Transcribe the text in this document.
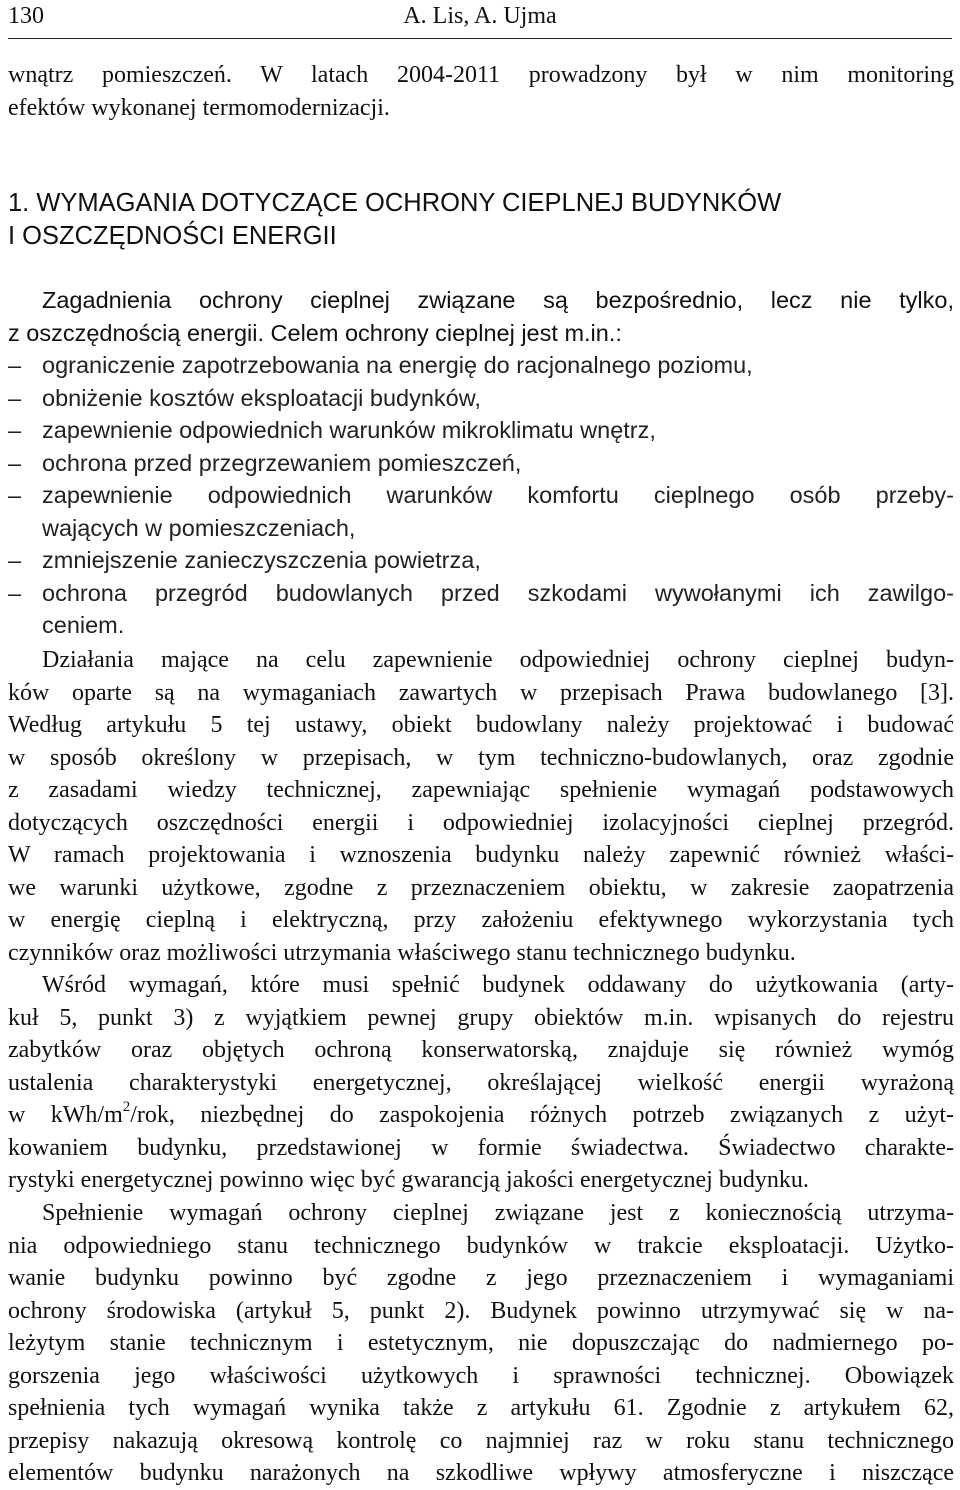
130	A. Lis, A. Ujma
wnątrz pomieszczeń. W latach 2004-2011 prowadzony był w nim monitoring
efektów wykonanej termomodernizacji.
1. WYMAGANIA DOTYCZĄCE OCHRONY CIEPLNEJ BUDYNKÓW
I OSZCZĘDNOŚCI ENERGII
Zagadnienia ochrony cieplnej związane są bezpośrednio, lecz nie tylko,
z oszczędnością energii. Celem ochrony cieplnej jest m.in.:
– ograniczenie zapotrzebowania na energię do racjonalnego poziomu,
– obniżenie kosztów eksploatacji budynków,
– zapewnienie odpowiednich warunków mikroklimatu wnętrz,
– ochrona przed przegrzewaniem pomieszczeń,
– zapewnienie odpowiednich warunków komfortu cieplnego osób przeby-
wających w pomieszczeniach,
– zmniejszenie zanieczyszczenia powietrza,
– ochrona przegród budowlanych przed szkodami wywołanymi ich zawilgo-
ceniem.
Działania mające na celu zapewnienie odpowiedniej ochrony cieplnej budyn-
ków oparte są na wymaganiach zawartych w przepisach Prawa budowlanego [3].
Według artykułu 5 tej ustawy, obiekt budowlany należy projektować i budować
w sposób określony w przepisach, w tym techniczno-budowlanych, oraz zgodnie
z zasadami wiedzy technicznej, zapewniając spełnienie wymagań podstawowych
dotyczących oszczędności energii i odpowiedniej izolacyjności cieplnej przegród.
W ramach projektowania i wznoszenia budynku należy zapewnić również właści-
we warunki użytkowe, zgodne z przeznaczeniem obiektu, w zakresie zaopatrzenia
w energię cieplną i elektryczną, przy założeniu efektywnego wykorzystania tych
czynników oraz możliwości utrzymania właściwego stanu technicznego budynku.
Wśród wymagań, które musi spełnić budynek oddawany do użytkowania (arty-
kuł 5, punkt 3) z wyjątkiem pewnej grupy obiektów m.in. wpisanych do rejestru
zabytków oraz objętych ochroną konserwatorską, znajduje się również wymóg
ustalenia charakterystyki energetycznej, określającej wielkość energii wyrażoną
w kWh/$m^2$/rok, niezbędnej do zaspokojenia różnych potrzeb związanych z użyt-
kowaniem budynku, przedstawionej w formie świadectwa. Świadectwo charakte-
rystyki energetycznej powinno więc być gwarancją jakości energetycznej budynku.
Spełnienie wymagań ochrony cieplnej związane jest z koniecznością utrzyma-
nia odpowiedniego stanu technicznego budynków w trakcie eksploatacji. Użytko-
wanie budynku powinno być zgodne z jego przeznaczeniem i wymaganiami
ochrony środowiska (artykuł 5, punkt 2). Budynek powinno utrzymywać się w na-
leżytym stanie technicznym i estetycznym, nie dopuszczając do nadmiernego po-
gorszenia jego właściwości użytkowych i sprawności technicznej. Obowiązek
spełnienia tych wymagań wynika także z artykułu 61. Zgodnie z artykułem 62,
przepisy nakazują okresową kontrolę co najmniej raz w roku stanu technicznego
elementów budynku narażonych na szkodliwe wpływy atmosferyczne i niszczące
